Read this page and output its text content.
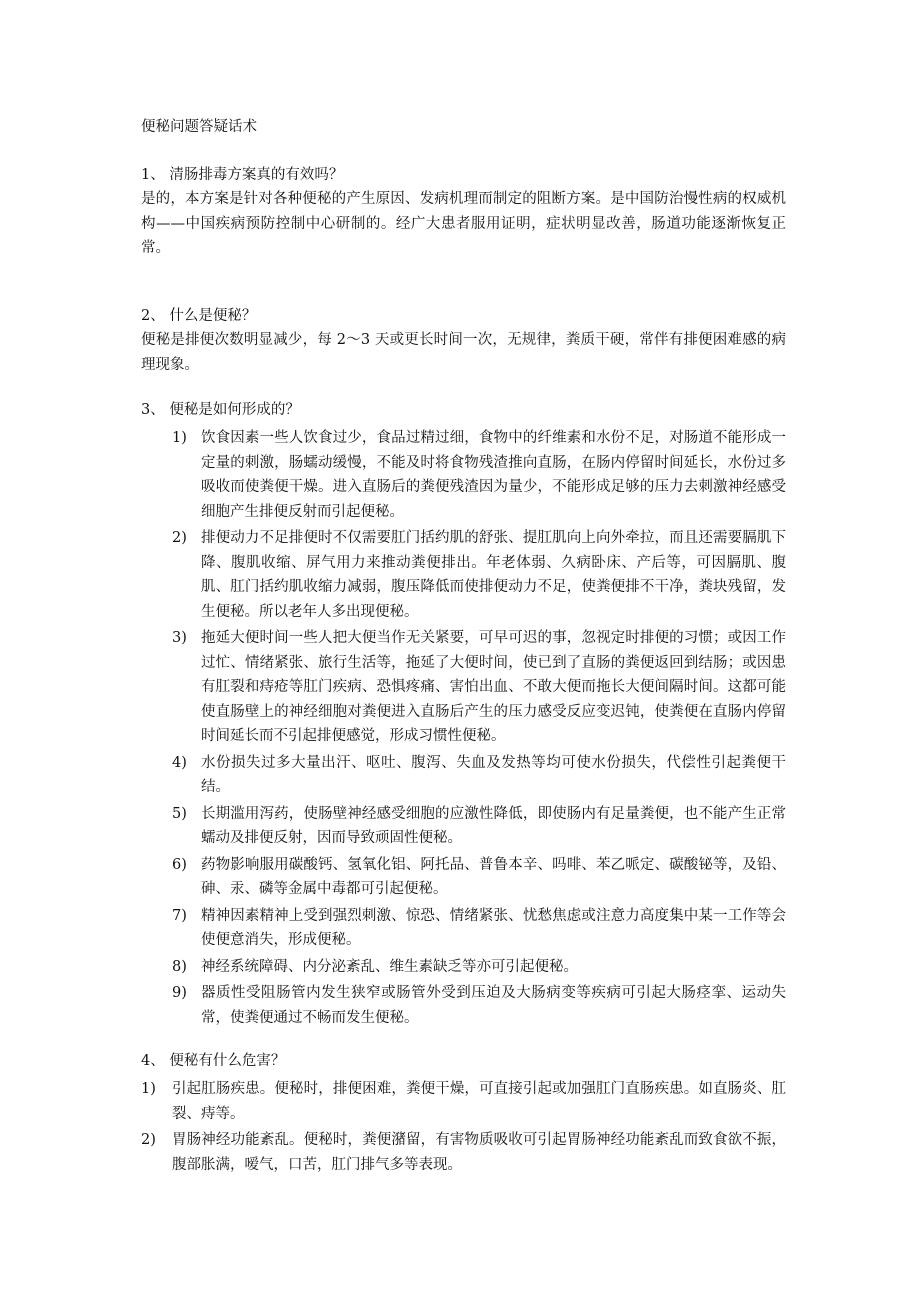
便秘问题答疑话术
1、 清肠排毒方案真的有效吗？
是的，本方案是针对各种便秘的产生原因、发病机理而制定的阻断方案。是中国防治慢性病的权威机构——中国疾病预防控制中心研制的。经广大患者服用证明，症状明显改善，肠道功能逐渐恢复正常。
2、 什么是便秘？
便秘是排便次数明显减少，每 2～3 天或更长时间一次，无规律，粪质干硬，常伴有排便困难感的病理现象。
3、 便秘是如何形成的？
1) 饮食因素一些人饮食过少，食品过精过细，食物中的纤维素和水份不足，对肠道不能形成一定量的刺激，肠蠕动缓慢，不能及时将食物残渣推向直肠，在肠内停留时间延长，水份过多吸收而使粪便干燥。进入直肠后的粪便残渣因为量少，不能形成足够的压力去刺激神经感受细胞产生排便反射而引起便秘。
2) 排便动力不足排便时不仅需要肛门括约肌的舒张、提肛肌向上向外牵拉，而且还需要膈肌下降、腹肌收缩、屏气用力来推动粪便排出。年老体弱、久病卧床、产后等，可因膈肌、腹肌、肛门括约肌收缩力减弱，腹压降低而使排便动力不足，使粪便排不干净，粪块残留，发生便秘。所以老年人多出现便秘。
3) 拖延大便时间一些人把大便当作无关紧要，可早可迟的事，忽视定时排便的习惯；或因工作过忙、情绪紧张、旅行生活等，拖延了大便时间，使已到了直肠的粪便返回到结肠；或因患有肛裂和痔疮等肛门疾病、恐惧疼痛、害怕出血、不敢大便而拖长大便间隔时间。这都可能使直肠壁上的神经细胞对粪便进入直肠后产生的压力感受反应变迟钝，使粪便在直肠内停留时间延长而不引起排便感觉，形成习惯性便秘。
4) 水份损失过多大量出汗、呕吐、腹泻、失血及发热等均可使水份损失，代偿性引起粪便干结。
5) 长期滥用泻药，使肠壁神经感受细胞的应激性降低，即使肠内有足量粪便，也不能产生正常蠕动及排便反射，因而导致顽固性便秘。
6) 药物影响服用碳酸钙、氢氧化铝、阿托品、普鲁本辛、吗啡、苯乙哌定、碳酸铋等，及铅、砷、汞、磷等金属中毒都可引起便秘。
7) 精神因素精神上受到强烈刺激、惊恐、情绪紧张、忧愁焦虑或注意力高度集中某一工作等会使便意消失，形成便秘。
8) 神经系统障碍、内分泌紊乱、维生素缺乏等亦可引起便秘。
9) 器质性受阻肠管内发生狭窄或肠管外受到压迫及大肠病变等疾病可引起大肠痉挛、运动失常，使粪便通过不畅而发生便秘。
4、 便秘有什么危害？
1) 引起肛肠疾患。便秘时，排便困难，粪便干燥，可直接引起或加强肛门直肠疾患。如直肠炎、肛裂、痔等。
2) 胃肠神经功能紊乱。便秘时，粪便潴留，有害物质吸收可引起胃肠神经功能紊乱而致食欲不振，腹部胀满，嗳气，口苦，肛门排气多等表现。
